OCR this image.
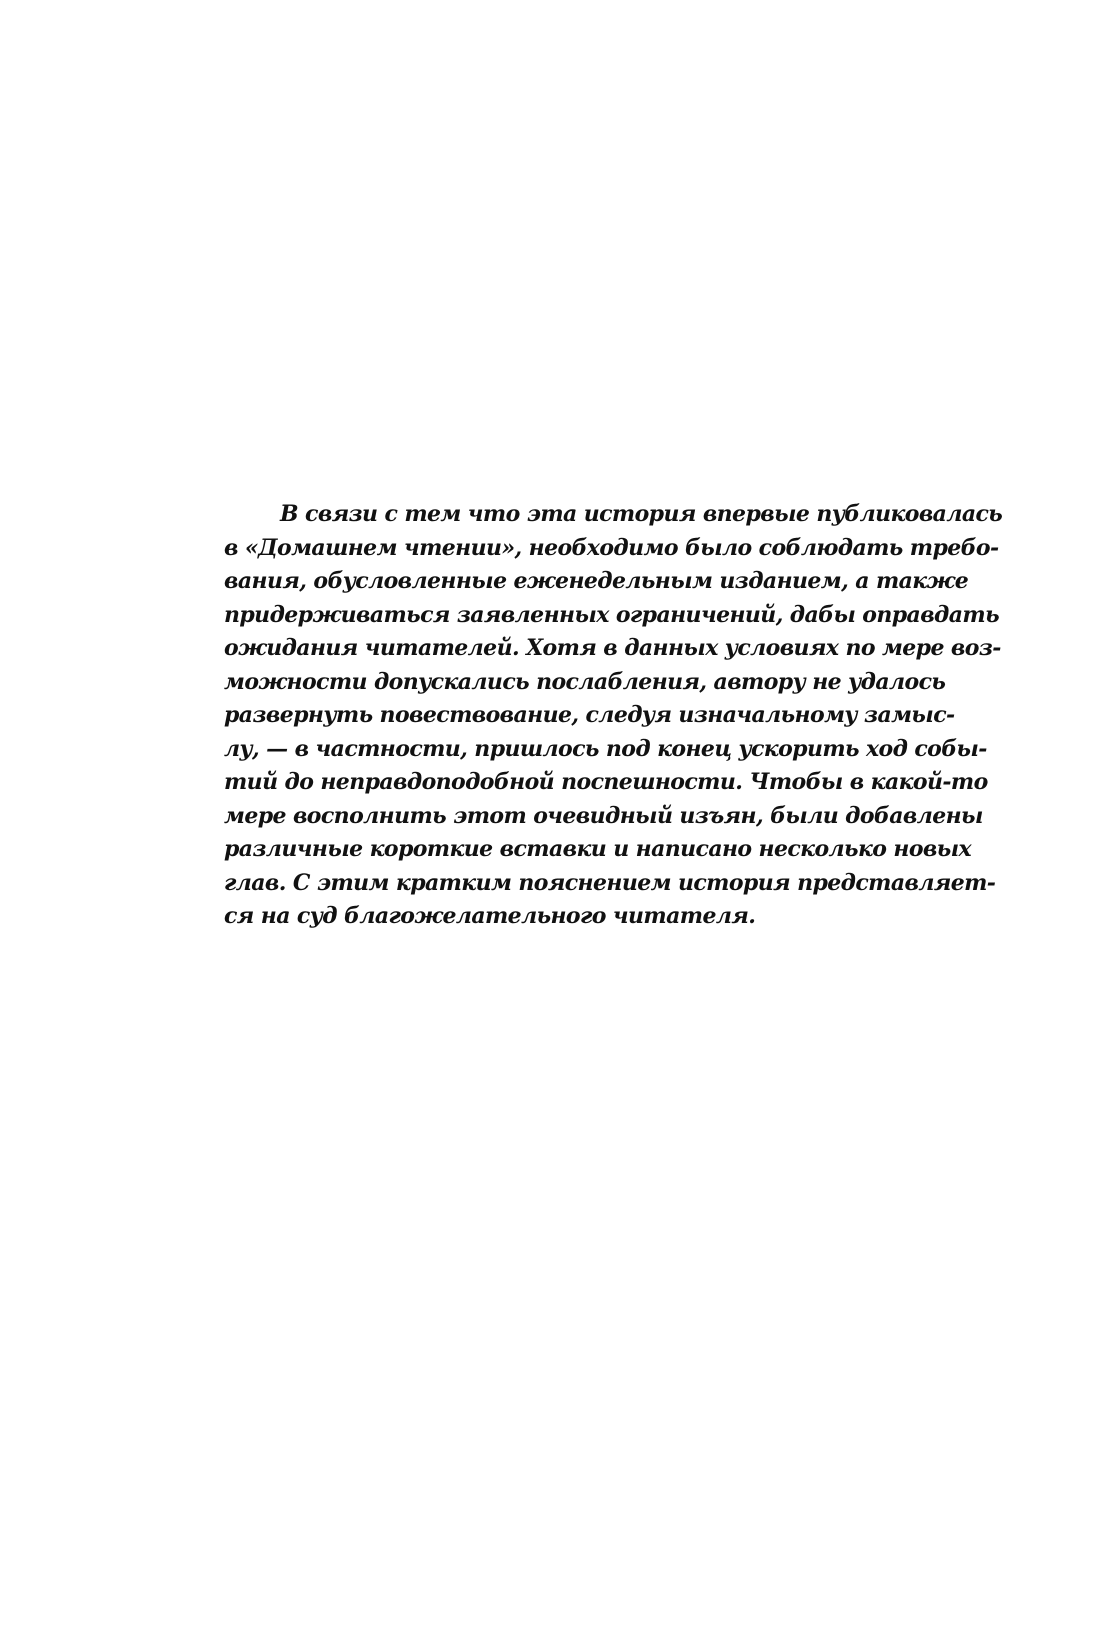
В связи с тем что эта история впервые публиковалась
в «Домашнем чтении», необходимо было соблюдать требо-
вания, обусловленные еженедельным изданием, а также
придерживаться заявленных ограничений, дабы оправдать
ожидания читателей. Хотя в данных условиях по мере воз-
можности допускались послабления, автору не удалось
развернуть повествование, следуя изначальному замыс-
лу, — в частности, пришлось под конец ускорить ход собы-
тий до неправдоподобной поспешности. Чтобы в какой-то
мере восполнить этот очевидный изъян, были добавлены
различные короткие вставки и написано несколько новых
глав. С этим кратким пояснением история представляет-
ся на суд благожелательного читателя.
